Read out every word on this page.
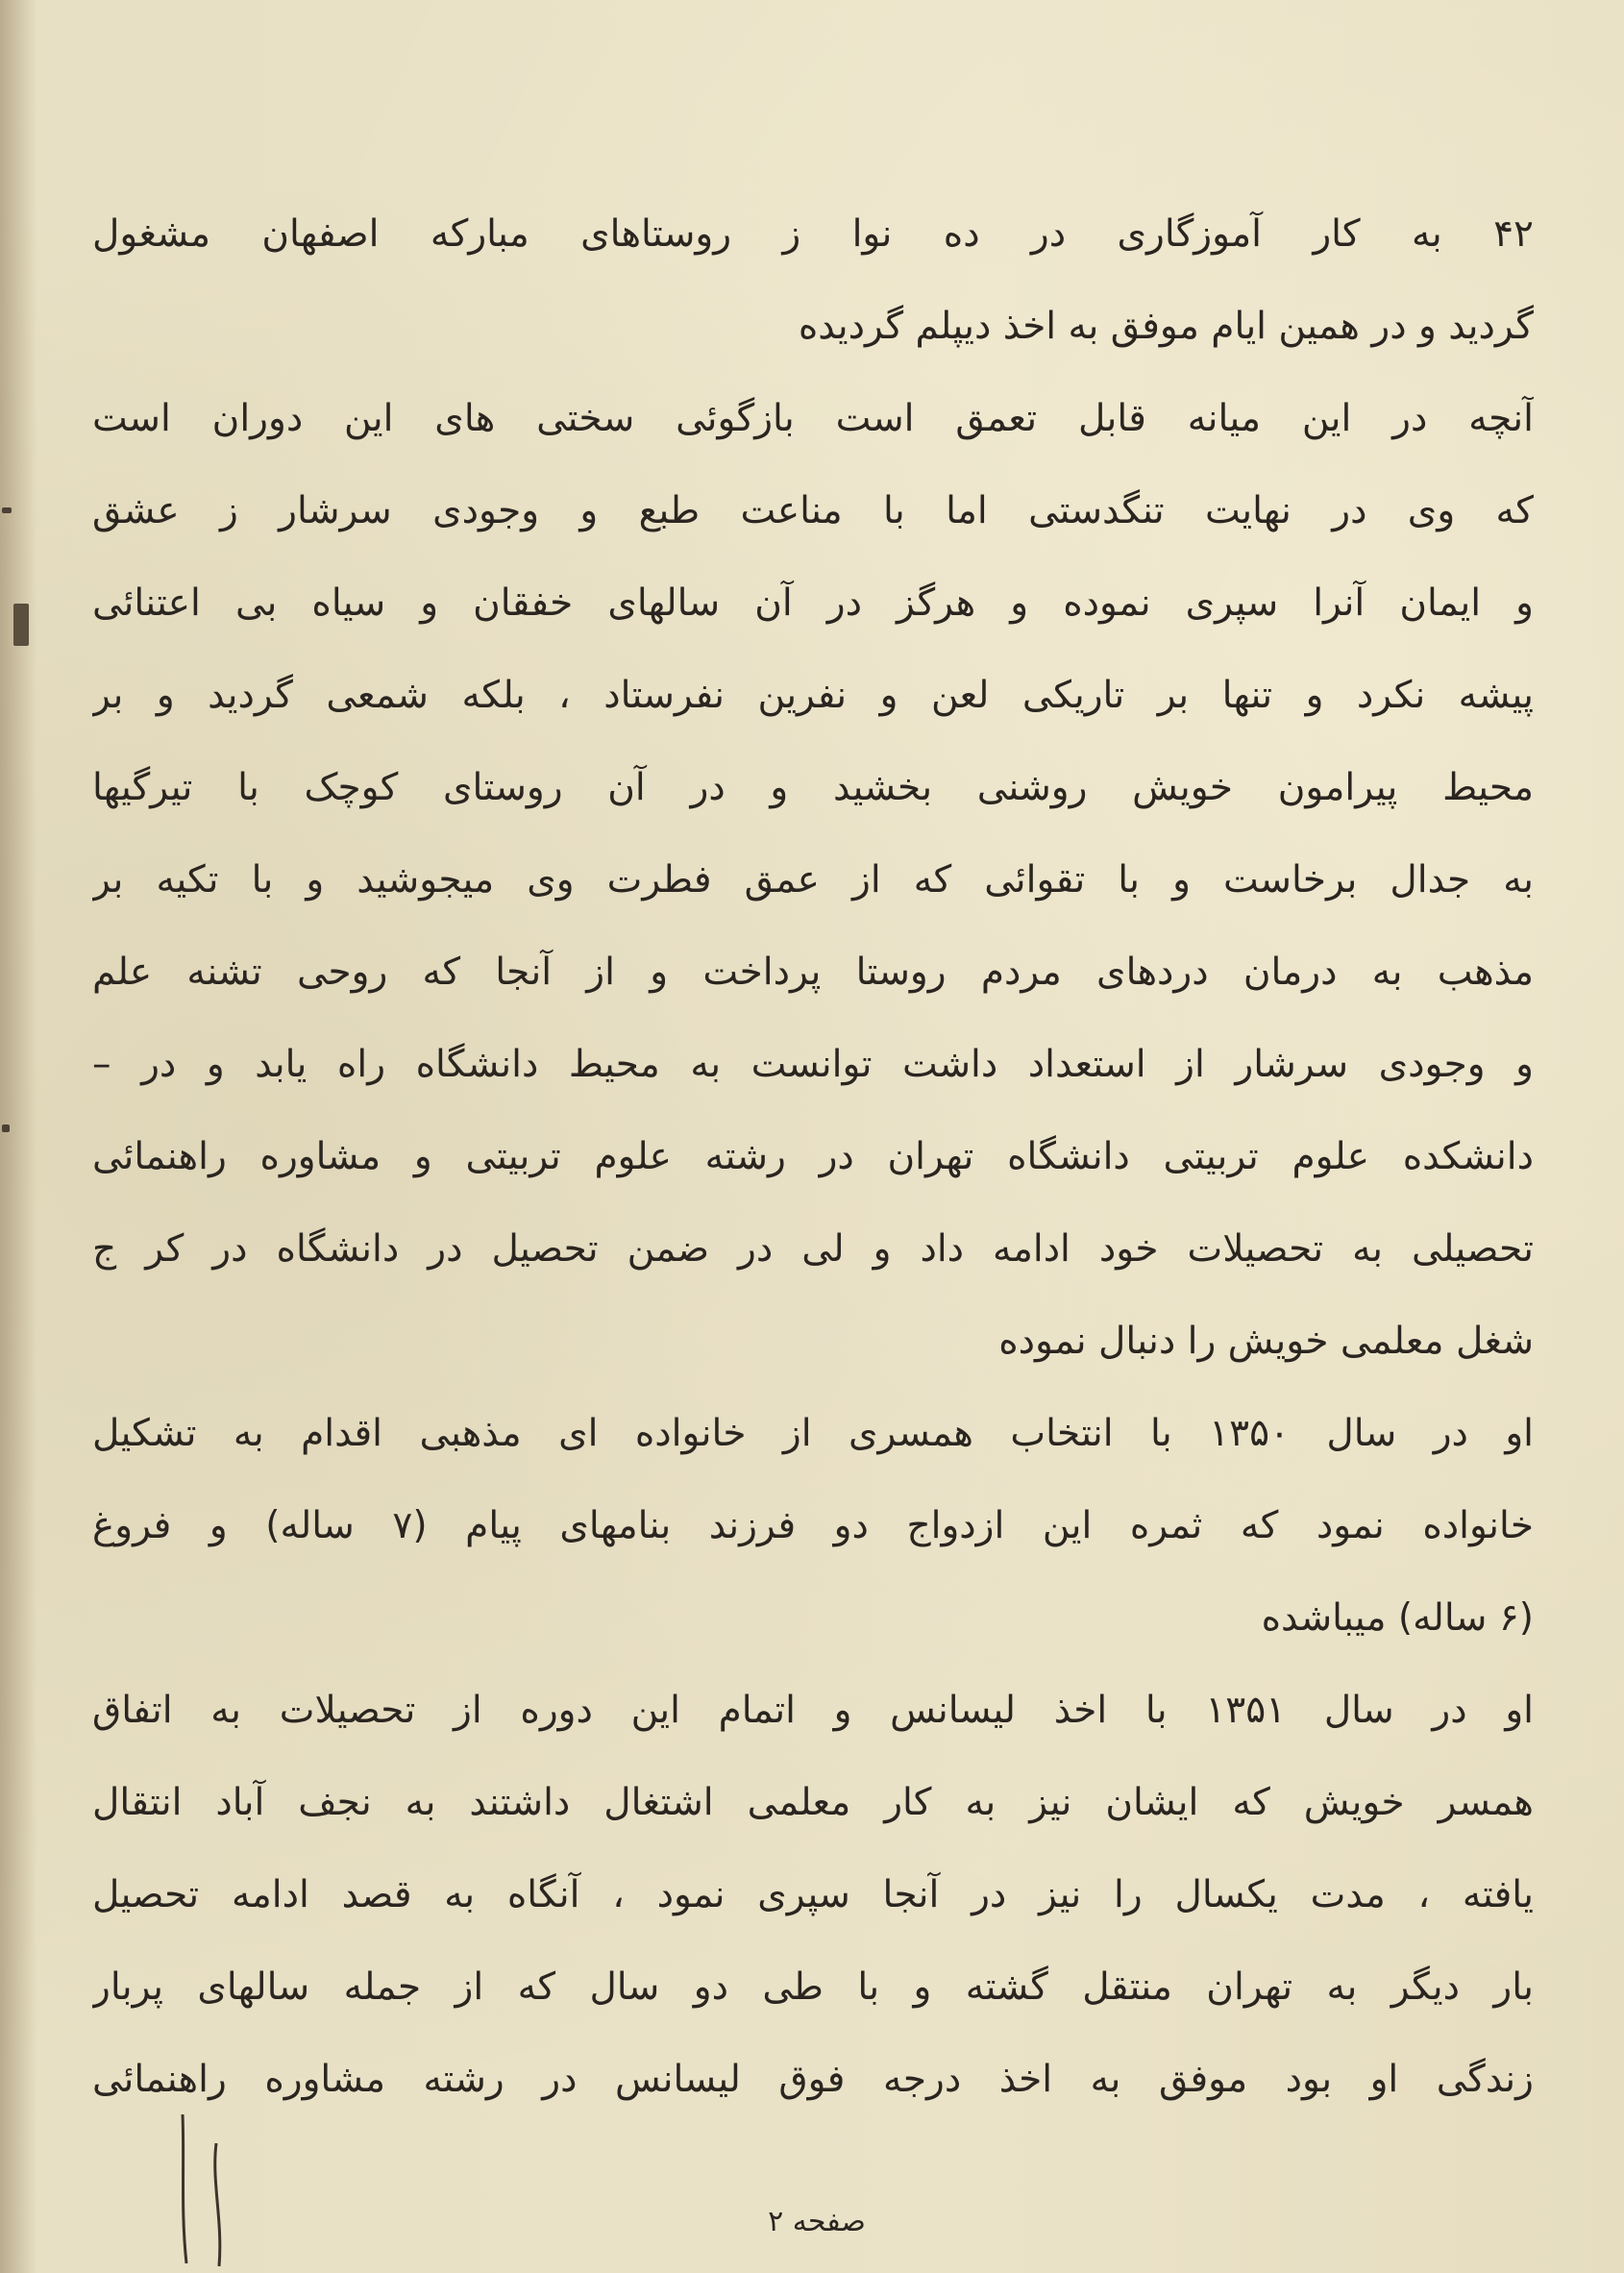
۴۲ به کار آموزگاری در ده نوا ز روستاهای مبارکه اصفهان مشغول
گردید و در همین ایام موفق به اخذ دیپلم گردیده
آنچه در این میانه قابل تعمق است بازگوئی سختی های این دوران است
که وی در نهایت تنگدستی اما با مناعت طبع و وجودی سرشار ز عشق
و ایمان آنرا سپری نموده و هرگز در آن سالهای خفقان و سیاه بی اعتنائی
پیشه نکرد و تنها بر تاریکی لعن و نفرین نفرستاد ، بلکه شمعی گردید و بر
محیط پیرامون خویش روشنی بخشید و در آن روستای کوچک با تیرگیها
به جدال برخاست و با تقوائی که از عمق فطرت وی میجوشید و با تکیه بر
مذهب به درمان دردهای مردم روستا پرداخت و از آنجا که روحی تشنه علم
و وجودی سرشار از استعداد داشت توانست به محیط دانشگاه راه یابد و در –
دانشکده علوم تربیتی دانشگاه تهران در رشته علوم تربیتی و مشاوره راهنمائی
تحصیلی به تحصیلات خود ادامه داد و لی در ضمن تحصیل در دانشگاه در کر ج
شغل معلمی خویش را دنبال نموده
او در سال ۱۳۵۰ با انتخاب همسری از خانواده ای مذهبی اقدام به تشکیل
خانواده نمود که ثمره این ازدواج دو فرزند بنامهای پیام (۷ ساله) و فروغ
(۶ ساله) میباشده
او در سال ۱۳۵۱ با اخذ لیسانس و اتمام این دوره از تحصیلات به اتفاق
همسر خویش که ایشان نیز به کار معلمی اشتغال داشتند به نجف آباد انتقال
یافته ، مدت یکسال را نیز در آنجا سپری نمود ، آنگاه به قصد ادامه تحصیل
بار دیگر به تهران منتقل گشته و با طی دو سال که از جمله سالهای پربار
زندگی او بود موفق به اخذ درجه فوق لیسانس در رشته مشاوره راهنمائی
صفحه ۲
